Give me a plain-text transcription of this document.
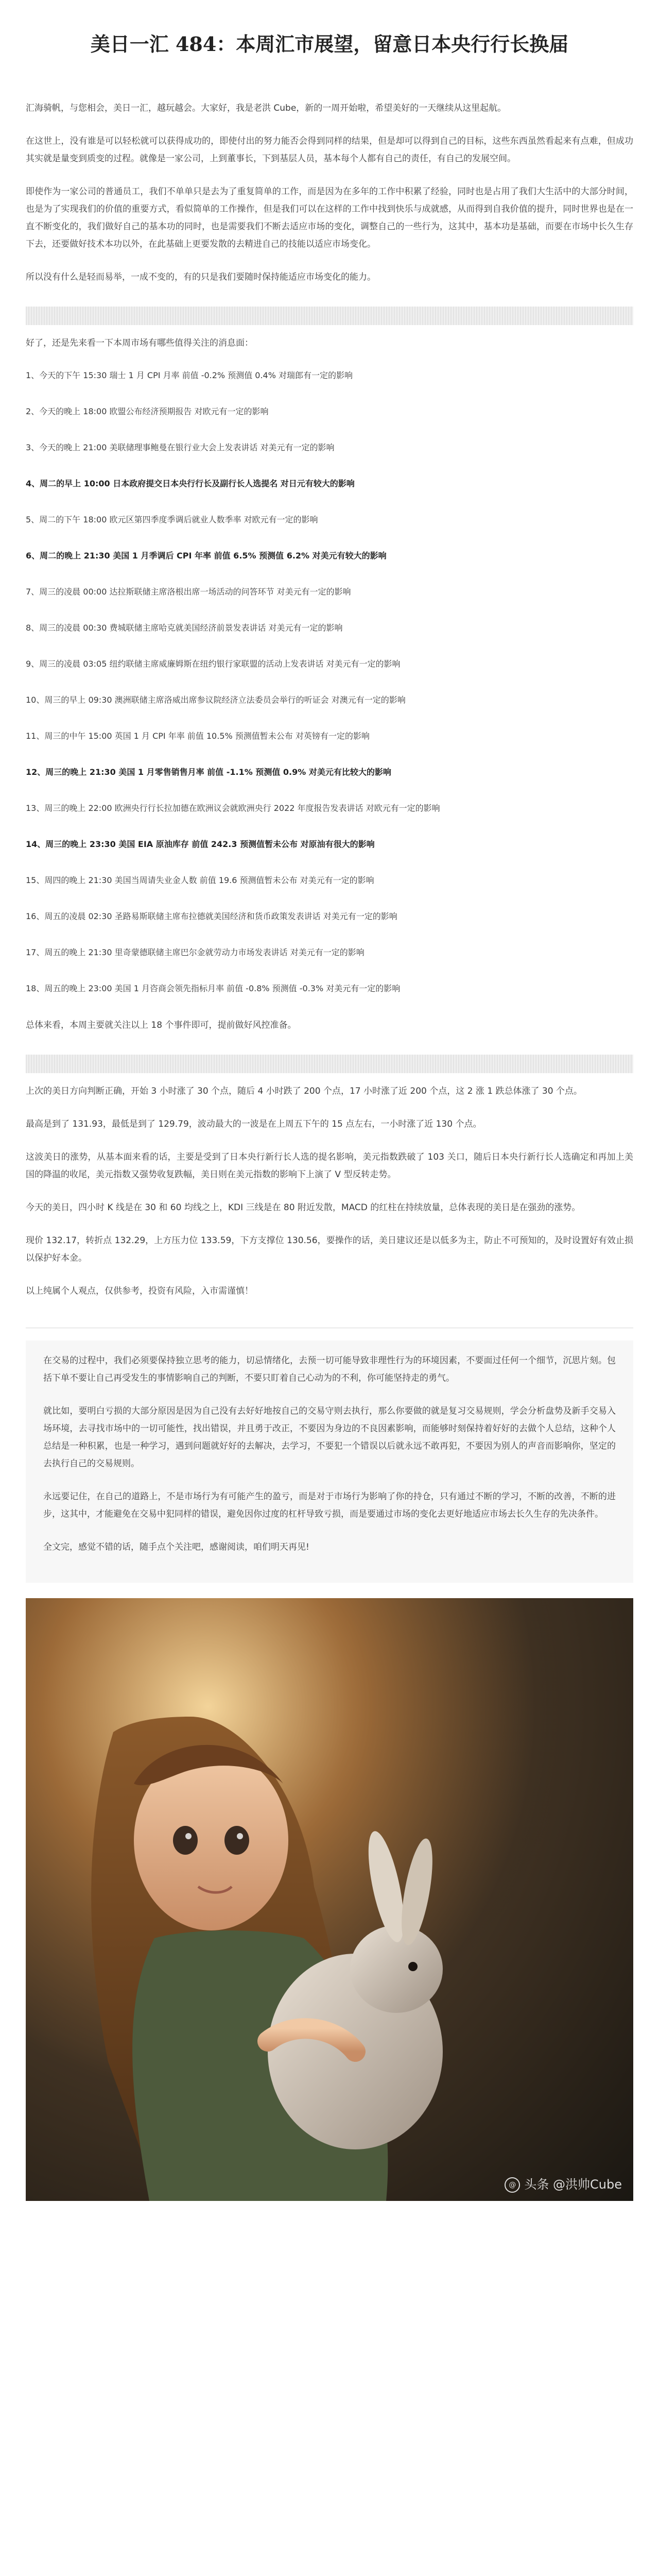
美日一汇 484：本周汇市展望，留意日本央行行长换届

汇海骑帆，与您相会，美日一汇，越玩越会。大家好，我是老洪 Cube，新的一周开始啦，希望美好的一天继续从这里起航。

在这世上，没有谁是可以轻松就可以获得成功的，即使付出的努力能否会得到同样的结果，但是却可以得到自己的目标，这些东西虽然看起来有点难，但成功其实就是量变到质变的过程。就像是一家公司，上到董事长，下到基层人员，基本每个人都有自己的责任，有自己的发展空间。

即使作为一家公司的普通员工，我们不单单只是去为了重复简单的工作，而是因为在多年的工作中积累了经验，同时也是占用了我们大生活中的大部分时间，也是为了实现我们的价值的重要方式，看似简单的工作操作，但是我们可以在这样的工作中找到快乐与成就感，从而得到自我价值的提升，同时世界也是在一直不断变化的，我们做好自己的基本功的同时，也是需要我们不断去适应市场的变化，调整自己的一些行为，这其中，基本功是基础，而要在市场中长久生存下去，还要做好技术本功以外，在此基础上更要发散的去精进自己的技能以适应市场变化。

所以没有什么是轻而易举，一成不变的，有的只是我们要随时保持能适应市场变化的能力。

好了，还是先来看一下本周市场有哪些值得关注的消息面：

1、今天的下午 15:30 瑞士 1 月 CPI 月率 前值 -0.2% 预测值 0.4% 对瑞郎有一定的影响

2、今天的晚上 18:00 欧盟公布经济预期报告 对欧元有一定的影响

3、今天的晚上 21:00 美联储理事鲍曼在银行业大会上发表讲话 对美元有一定的影响

4、周二的早上 10:00 日本政府提交日本央行行长及副行长人选提名 对日元有较大的影响

5、周二的下午 18:00 欧元区第四季度季调后就业人数季率 对欧元有一定的影响

6、周二的晚上 21:30 美国 1 月季调后 CPI 年率 前值 6.5% 预测值 6.2% 对美元有较大的影响

7、周三的凌晨 00:00 达拉斯联储主席洛根出席一场活动的问答环节 对美元有一定的影响

8、周三的凌晨 00:30 费城联储主席哈克就美国经济前景发表讲话 对美元有一定的影响

9、周三的凌晨 03:05 纽约联储主席威廉姆斯在纽约银行家联盟的活动上发表讲话 对美元有一定的影响

10、周三的早上 09:30 澳洲联储主席洛威出席参议院经济立法委员会举行的听证会 对澳元有一定的影响

11、周三的中午 15:00 英国 1 月 CPI 年率 前值 10.5% 预测值暂未公布 对英镑有一定的影响

12、周三的晚上 21:30 美国 1 月零售销售月率 前值 -1.1% 预测值 0.9% 对美元有比较大的影响

13、周三的晚上 22:00 欧洲央行行长拉加德在欧洲议会就欧洲央行 2022 年度报告发表讲话 对欧元有一定的影响

14、周三的晚上 23:30 美国 EIA 原油库存 前值 242.3 预测值暂未公布 对原油有很大的影响

15、周四的晚上 21:30 美国当周请失业金人数 前值 19.6 预测值暂未公布 对美元有一定的影响

16、周五的凌晨 02:30 圣路易斯联储主席布拉德就美国经济和货币政策发表讲话 对美元有一定的影响

17、周五的晚上 21:30 里奇蒙德联储主席巴尔金就劳动力市场发表讲话 对美元有一定的影响

18、周五的晚上 23:00 美国 1 月咨商会领先指标月率 前值 -0.8% 预测值 -0.3% 对美元有一定的影响

总体来看，本周主要就关注以上 18 个事件即可，提前做好风控准备。

上次的美日方向判断正确，开始 3 小时涨了 30 个点，随后 4 小时跌了 200 个点，17 小时涨了近 200 个点，这 2 涨 1 跌总体涨了 30 个点。

最高是到了 131.93，最低是到了 129.79，波动最大的一波是在上周五下午的 15 点左右，一小时涨了近 130 个点。

这波美日的涨势，从基本面来看的话，主要是受到了日本央行新行长人选的提名影响，美元指数跌破了 103 关口，随后日本央行新行长人选确定和再加上美国的降温的收尾，美元指数又强势收复跌幅，美日则在美元指数的影响下上演了 V 型反转走势。

今天的美日，四小时 K 线是在 30 和 60 均线之上，KDI 三线是在 80 附近发散，MACD 的红柱在持续放量，总体表现的美日是在强劲的涨势。

现价 132.17，转折点 132.29，上方压力位 133.59，下方支撑位 130.56，要操作的话，美日建议还是以低多为主，防止不可预知的，及时设置好有效止损以保护好本金。

以上纯属个人观点，仅供参考，投资有风险，入市需谨慎！

在交易的过程中，我们必须要保持独立思考的能力，切忌情绪化，去预一切可能导致非理性行为的环境因素，不要面过任何一个细节，沉思片刻。包括下单不要让自己再受发生的事情影响自己的判断，不要只盯着自己心动为的不利，你可能坚持走的勇气。

就比如，要明白亏损的大部分原因是因为自己没有去好好地按自己的交易守则去执行，那么你要做的就是复习交易规则，学会分析盘势及新手交易入场环境，去寻找市场中的一切可能性，找出错误，并且勇于改正，不要因为身边的不良因素影响，而能够时刻保持着好好的去做个人总结，这种个人总结是一种积累，也是一种学习，遇到问题就好好的去解决，去学习，不要犯一个错误以后就永远不敢再犯，不要因为别人的声音而影响你，坚定的去执行自己的交易规则。

永远要记住，在自己的道路上，不是市场行为有可能产生的盈亏，而是对于市场行为影响了你的持仓，只有通过不断的学习，不断的改善，不断的进步，这其中，才能避免在交易中犯同样的错误，避免因你过度的杠杆导致亏损，而是要通过市场的变化去更好地适应市场去长久生存的先决条件。

全文完，感觉不错的话，随手点个关注吧，感谢阅读，咱们明天再见!

@ 头条 @洪帅Cube
